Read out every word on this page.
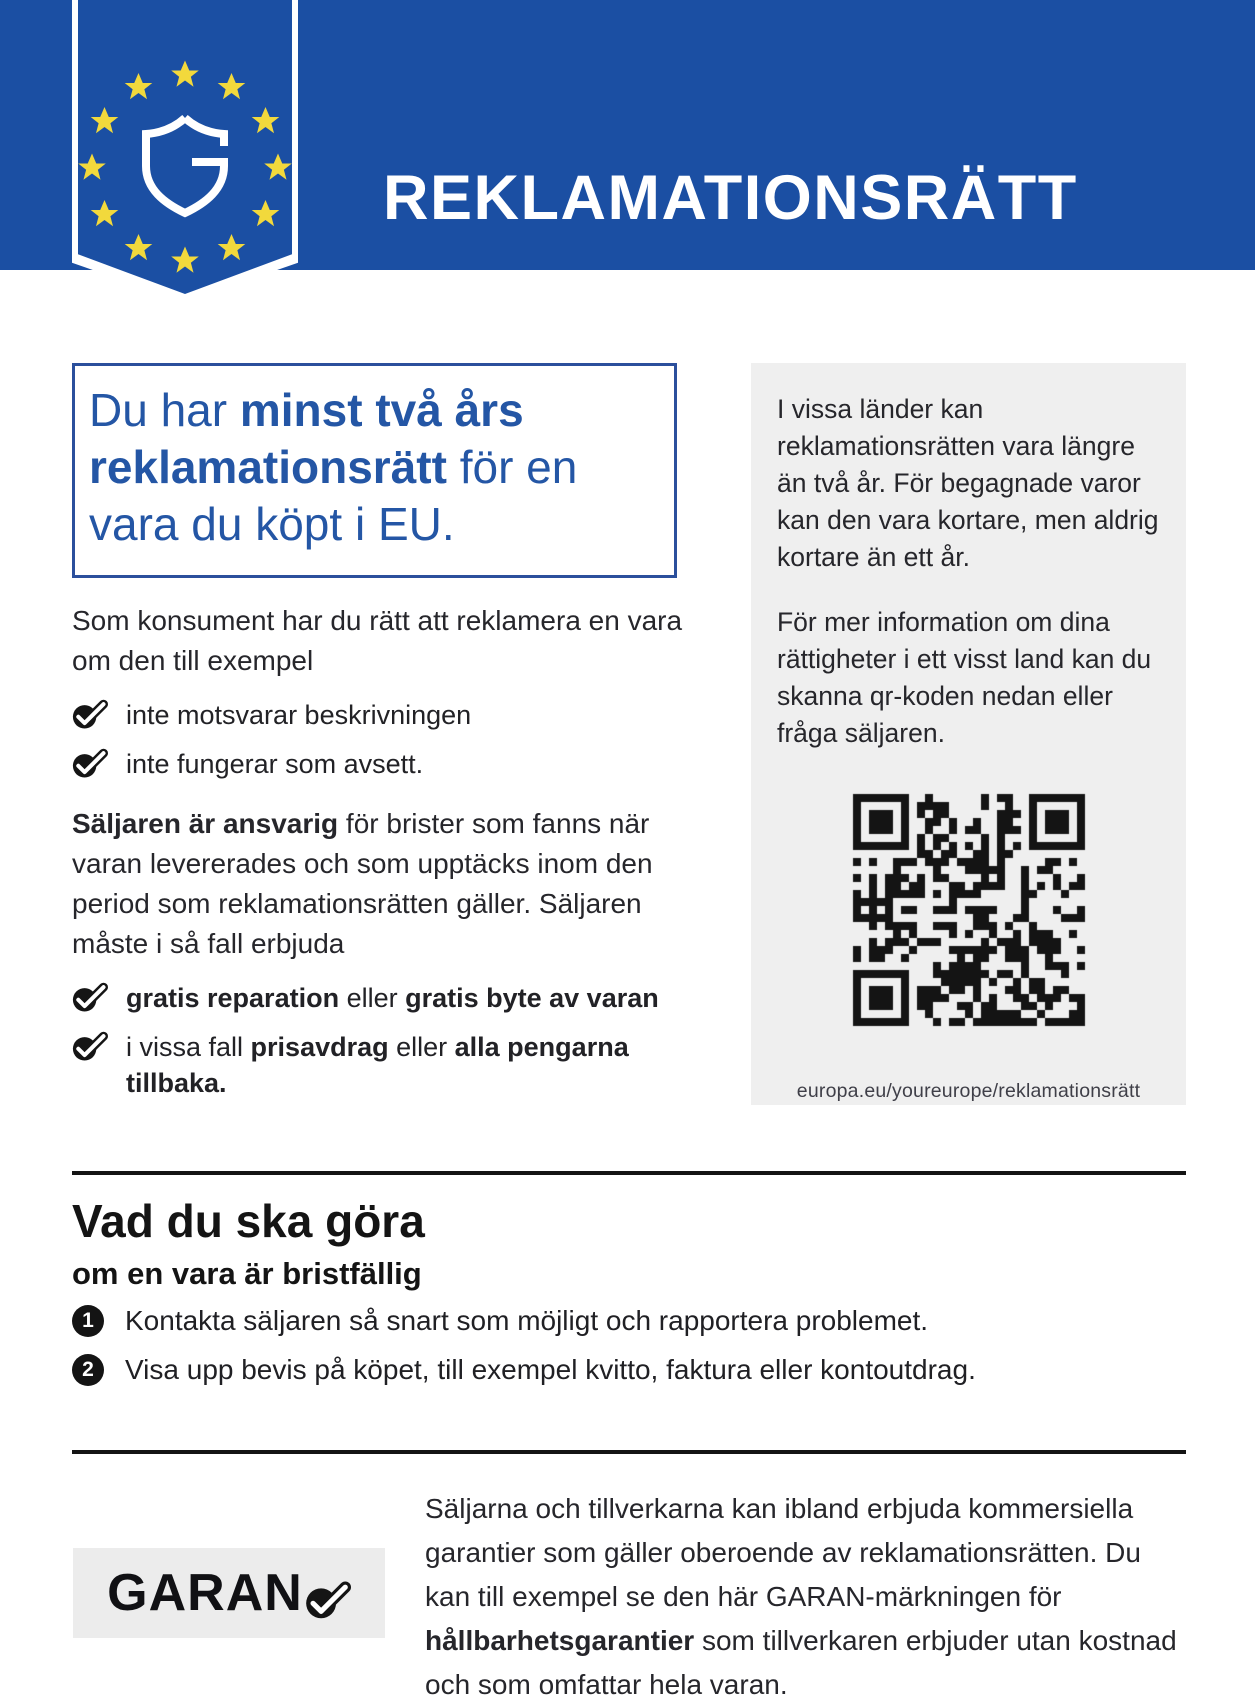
REKLAMATIONSRÄTT

Du har minst två års reklamationsrätt för en vara du köpt i EU.

Som konsument har du rätt att reklamera en vara om den till exempel

inte motsvarar beskrivningen
inte fungerar som avsett.

Säljaren är ansvarig för brister som fanns när varan levererades och som upptäcks inom den period som reklamationsrätten gäller. Säljaren måste i så fall erbjuda

gratis reparation eller gratis byte av varan
i vissa fall prisavdrag eller alla pengarna tillbaka.

I vissa länder kan reklamationsrätten vara längre än två år. För begagnade varor kan den vara kortare, men aldrig kortare än ett år.

För mer information om dina rättigheter i ett visst land kan du skanna qr-koden nedan eller fråga säljaren.

europa.eu/youreurope/reklamationsrätt

Vad du ska göra
om en vara är bristfällig
1	Kontakta säljaren så snart som möjligt och rapportera problemet.
2	Visa upp bevis på köpet, till exempel kvitto, faktura eller kontoutdrag.
GARAN

Säljarna och tillverkarna kan ibland erbjuda kommersiella garantier som gäller oberoende av reklamationsrätten. Du kan till exempel se den här GARAN-märkningen för hållbarhetsgarantier som tillverkaren erbjuder utan kostnad och som omfattar hela varan.
